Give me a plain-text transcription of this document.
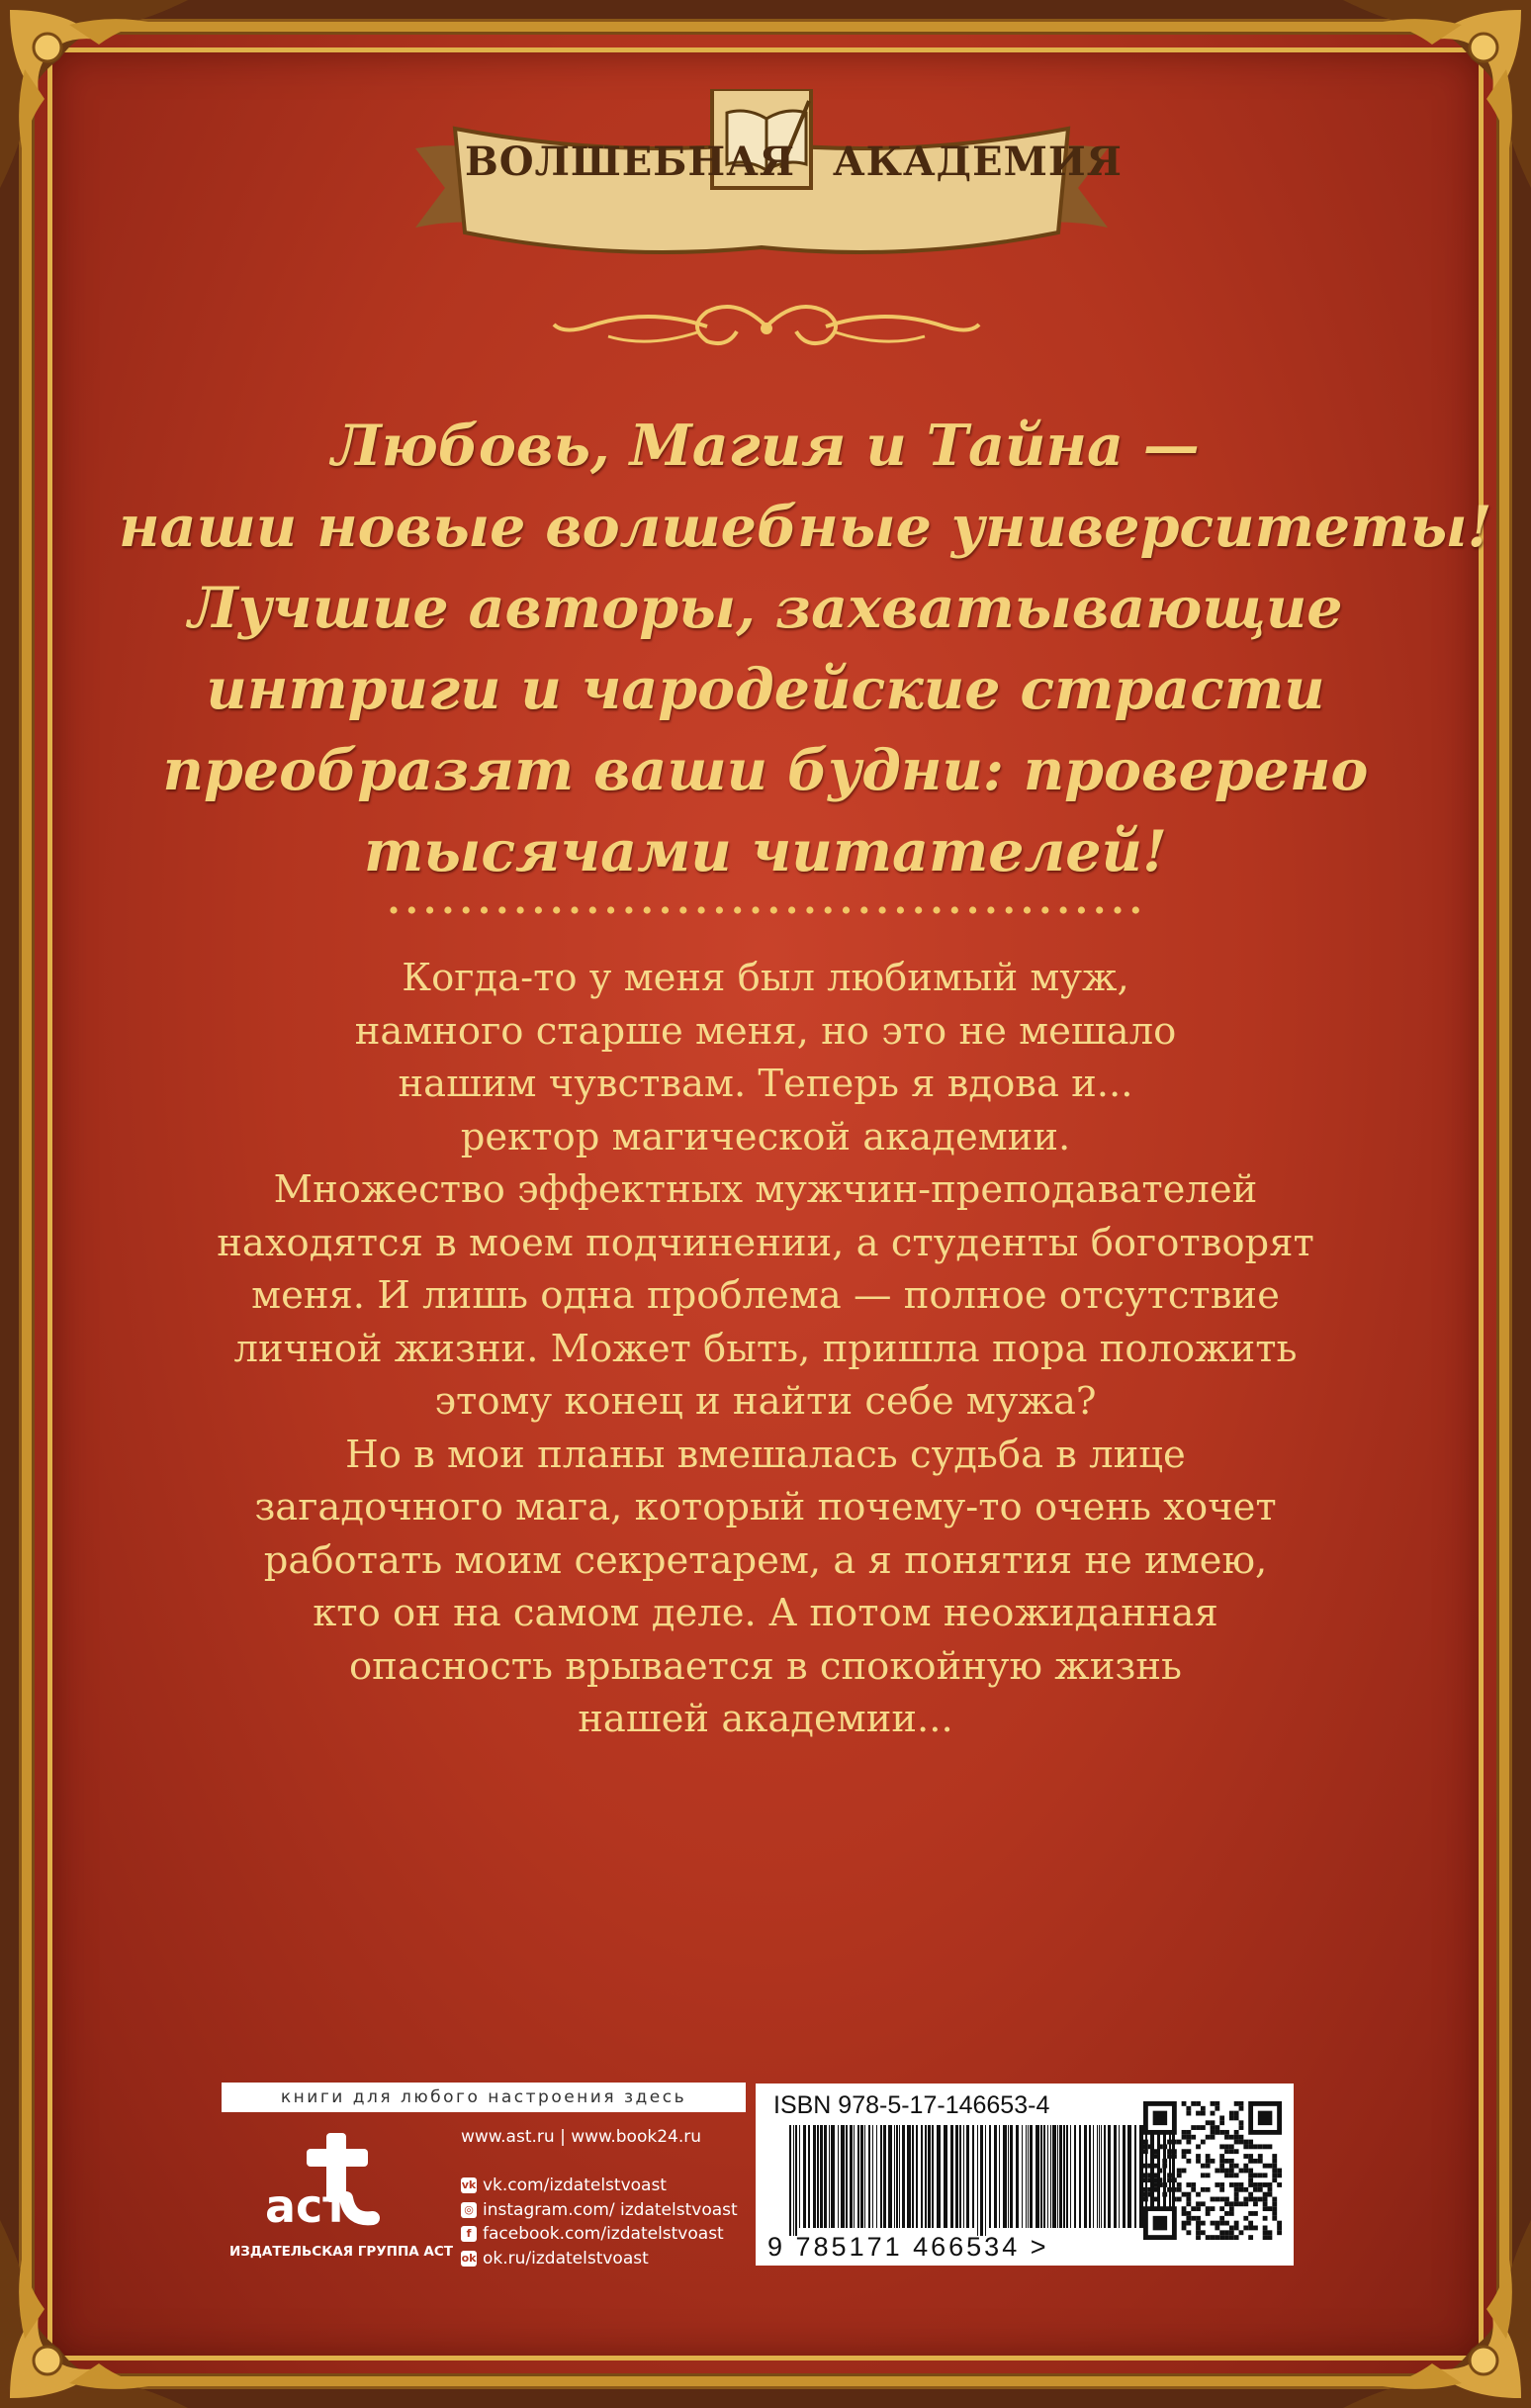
ВОЛШЕБНАЯ АКАДЕМИЯ
Любовь, Магия и Тайна —
наши новые волшебные университеты!
Лучшие авторы, захватывающие
интриги и чародейские страсти
преобразят ваши будни: проверено
тысячами читателей!
Когда-то у меня был любимый муж,
намного старше меня, но это не мешало
нашим чувствам. Теперь я вдова и...
ректор магической академии.
Множество эффектных мужчин-преподавателей
находятся в моем подчинении, а студенты боготворят
меня. И лишь одна проблема — полное отсутствие
личной жизни. Может быть, пришла пора положить
этому конец и найти себе мужа?
Но в мои планы вмешалась судьба в лице
загадочного мага, который почему-то очень хочет
работать моим секретарем, а я понятия не имею,
кто он на самом деле. А потом неожиданная
опасность врывается в спокойную жизнь
нашей академии...
книги для любого настроения здесь
аст
ИЗДАТЕЛЬСКАЯ ГРУППА АСТ
www.ast.ru | www.book24.ru
vk vk.com/izdatelstvoast
◎ instagram.com/ izdatelstvoast
f facebook.com/izdatelstvoast
ok ok.ru/izdatelstvoast
ISBN 978-5-17-146653-4
9 785171 466534 >
